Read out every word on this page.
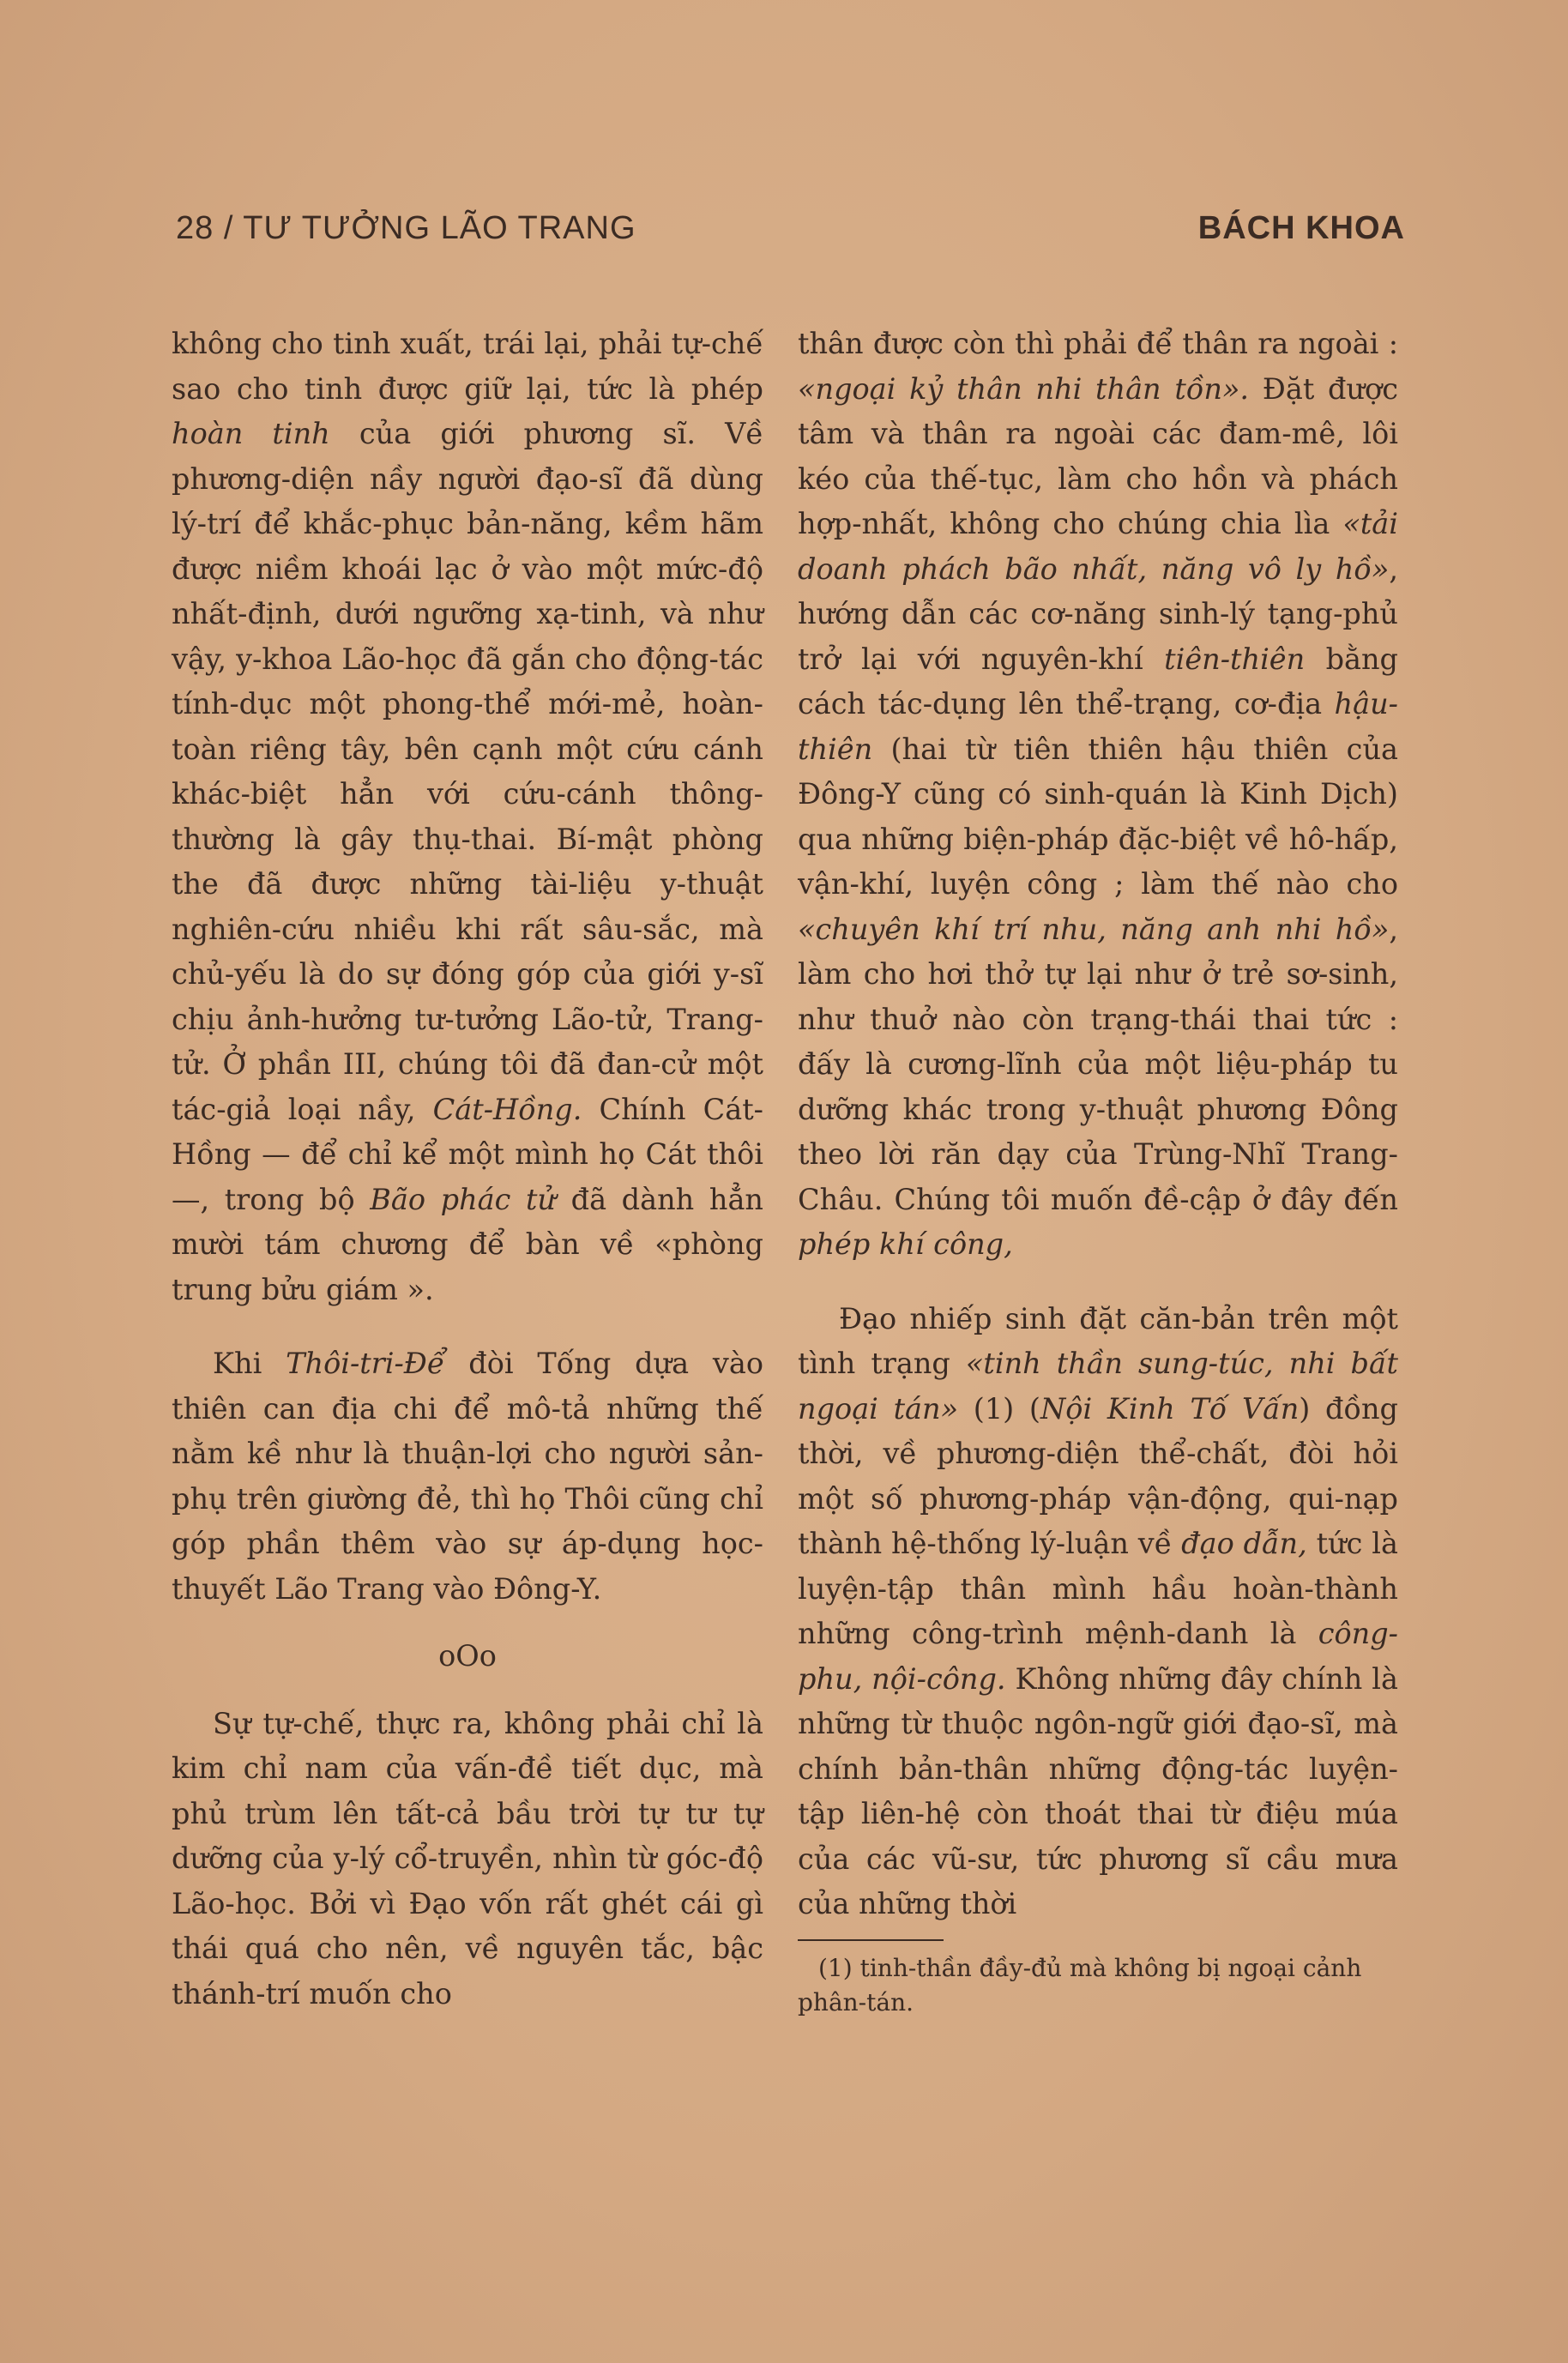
28 / TƯ TƯỞNG LÃO TRANG	BÁCH KHOA

không cho tinh xuất, trái lại, phải tự-chế sao cho tinh được giữ lại, tức là phép hoàn tinh của giới phương sĩ. Về phương-diện nầy người đạo-sĩ đã dùng lý-trí để khắc-phục bản-năng, kềm hãm được niềm khoái lạc ở vào một mức-độ nhất-định, dưới ngưỡng xạ-tinh, và như vậy, y-khoa Lão-học đã gắn cho động-tác tính-dục một phong-thể mới-mẻ, hoàn-toàn riêng tây, bên cạnh một cứu cánh khác-biệt hẳn với cứu-cánh thông-thường là gây thụ-thai. Bí-mật phòng the đã được những tài-liệu y-thuật nghiên-cứu nhiều khi rất sâu-sắc, mà chủ-yếu là do sự đóng góp của giới y-sĩ chịu ảnh-hưởng tư-tưởng Lão-tử, Trang-tử. Ở phần III, chúng tôi đã đan-cử một tác-giả loại nầy, Cát-Hồng. Chính Cát-Hồng — để chỉ kể một mình họ Cát thôi —, trong bộ Bão phác tử đã dành hẳn mười tám chương để bàn về «phòng trung bửu giám ».

Khi Thôi-tri-Để đòi Tống dựa vào thiên can địa chi để mô-tả những thế nằm kề như là thuận-lợi cho người sản-phụ trên giường đẻ, thì họ Thôi cũng chỉ góp phần thêm vào sự áp-dụng học-thuyết Lão Trang vào Đông-Y.

oOo

Sự tự-chế, thực ra, không phải chỉ là kim chỉ nam của vấn-đề tiết dục, mà phủ trùm lên tất-cả bầu trời tự tư tự dưỡng của y-lý cổ-truyền, nhìn từ góc-độ Lão-học. Bởi vì Đạo vốn rất ghét cái gì thái quá cho nên, về nguyên tắc, bậc thánh-trí muốn cho

thân được còn thì phải để thân ra ngoài : «ngoại kỷ thân nhi thân tồn». Đặt được tâm và thân ra ngoài các đam-mê, lôi kéo của thế-tục, làm cho hồn và phách hợp-nhất, không cho chúng chia lìa «tải doanh phách bão nhất, năng vô ly hồ», hướng dẫn các cơ-năng sinh-lý tạng-phủ trở lại với nguyên-khí tiên-thiên bằng cách tác-dụng lên thể-trạng, cơ-địa hậu-thiên (hai từ tiên thiên hậu thiên của Đông-Y cũng có sinh-quán là Kinh Dịch) qua những biện-pháp đặc-biệt về hô-hấp, vận-khí, luyện công ; làm thế nào cho «chuyên khí trí nhu, năng anh nhi hồ», làm cho hơi thở tự lại như ở trẻ sơ-sinh, như thuở nào còn trạng-thái thai tức : đấy là cương-lĩnh của một liệu-pháp tu dưỡng khác trong y-thuật phương Đông theo lời răn dạy của Trùng-Nhĩ Trang-Châu. Chúng tôi muốn đề-cập ở đây đến phép khí công,

Đạo nhiếp sinh đặt căn-bản trên một tình trạng «tinh thần sung-túc, nhi bất ngoại tán» (1) (Nội Kinh Tố Vấn) đồng thời, về phương-diện thể-chất, đòi hỏi một số phương-pháp vận-động, qui-nạp thành hệ-thống lý-luận về đạo dẫn, tức là luyện-tập thân mình hầu hoàn-thành những công-trình mệnh-danh là công-phu, nội-công. Không những đây chính là những từ thuộc ngôn-ngữ giới đạo-sĩ, mà chính bản-thân những động-tác luyện-tập liên-hệ còn thoát thai từ điệu múa của các vũ-sư, tức phương sĩ cầu mưa của những thời

(1) tinh-thần đầy-đủ mà không bị ngoại cảnh phân-tán.
